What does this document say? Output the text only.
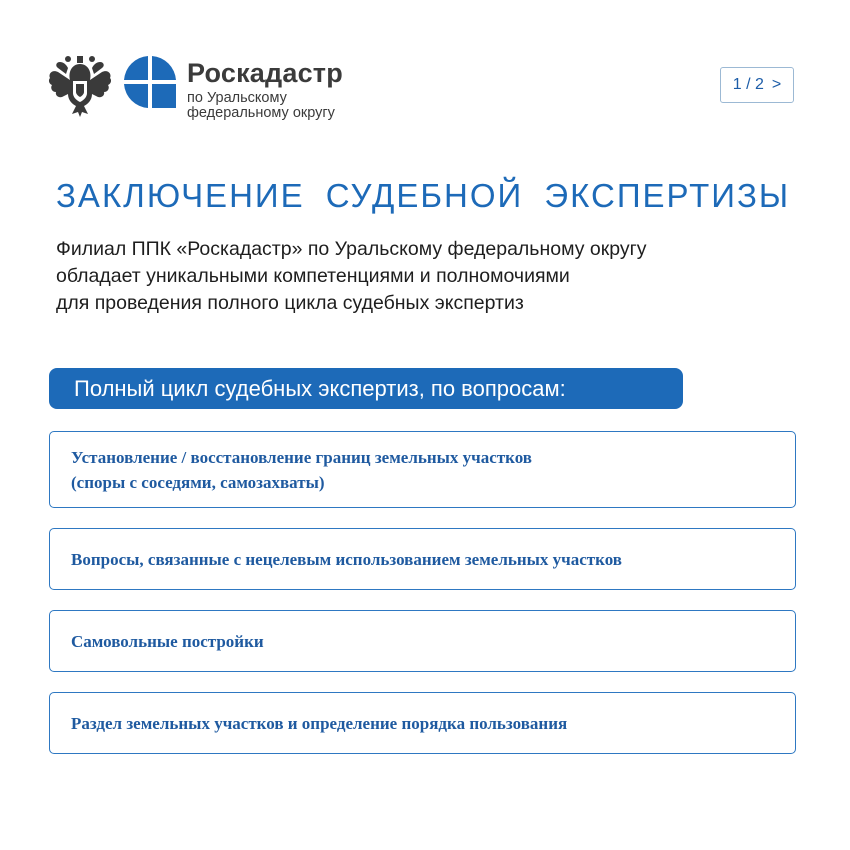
Роскадастр
по Уральскому
федеральному округу
1 / 2 >
ЗАКЛЮЧЕНИЕ СУДЕБНОЙ ЭКСПЕРТИЗЫ
Филиал ППК «Роскадастр» по Уральскому федеральному округу
обладает уникальными компетенциями и полномочиями
для проведения полного цикла судебных экспертиз
Полный цикл судебных экспертиз, по вопросам:
Установление / восстановление границ земельных участков
(споры с соседями, самозахваты)
Вопросы, связанные с нецелевым использованием земельных участков
Самовольные постройки
Раздел земельных участков и определение порядка пользования
